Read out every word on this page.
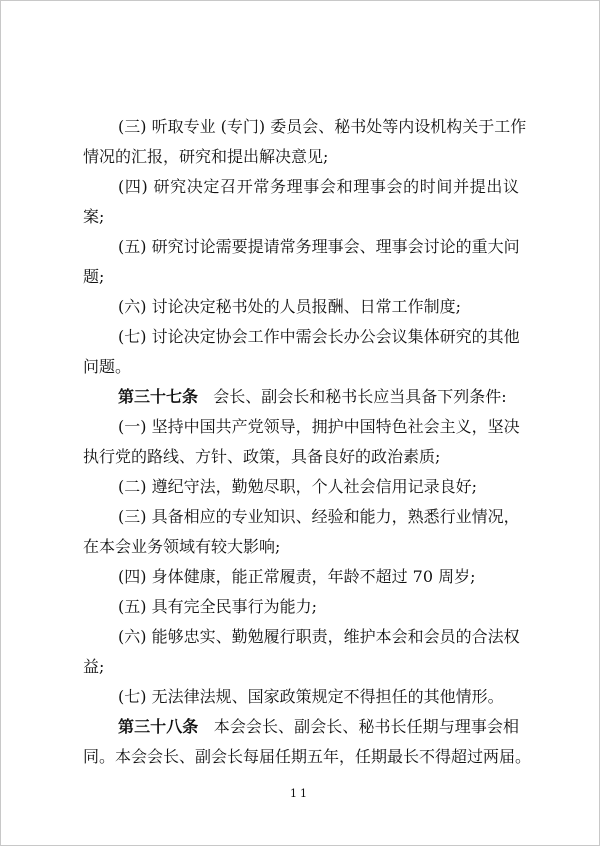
(三) 听取专业 (专门) 委员会、秘书处等内设机构关于工作
情况的汇报，研究和提出解决意见;
(四) 研究决定召开常务理事会和理事会的时间并提出议
案;
(五) 研究讨论需要提请常务理事会、理事会讨论的重大问
题;
(六) 讨论决定秘书处的人员报酬、日常工作制度;
(七) 讨论决定协会工作中需会长办公会议集体研究的其他
问题。
第三十七条 会长、副会长和秘书长应当具备下列条件:
(一) 坚持中国共产党领导，拥护中国特色社会主义，坚决
执行党的路线、方针、政策，具备良好的政治素质;
(二) 遵纪守法，勤勉尽职，个人社会信用记录良好;
(三) 具备相应的专业知识、经验和能力，熟悉行业情况，
在本会业务领域有较大影响;
(四) 身体健康，能正常履责，年龄不超过 70 周岁;
(五) 具有完全民事行为能力;
(六) 能够忠实、勤勉履行职责，维护本会和会员的合法权
益;
(七) 无法律法规、国家政策规定不得担任的其他情形。
第三十八条 本会会长、副会长、秘书长任期与理事会相
同。本会会长、副会长每届任期五年，任期最长不得超过两届。
11
